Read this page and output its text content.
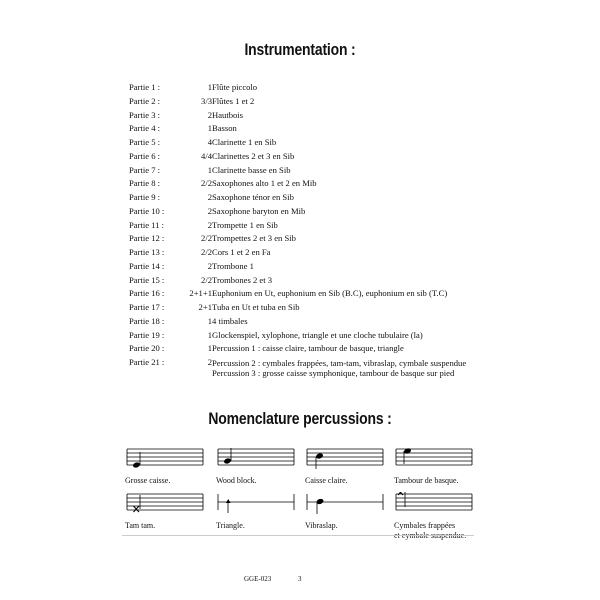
Instrumentation :
Partie 1 :	1 Flûte piccolo
Partie 2 :	3/3 Flûtes 1 et 2
Partie 3 :	2 Hautbois
Partie 4 :	1 Basson
Partie 5 :	4 Clarinette 1 en Sib
Partie 6 :	4/4 Clarinettes 2 et 3 en Sib
Partie 7 :	1 Clarinette basse en Sib
Partie 8 :	2/2 Saxophones alto 1 et 2 en Mib
Partie 9 :	2 Saxophone ténor en Sib
Partie 10 :	2 Saxophone baryton en Mib
Partie 11 :	2 Trompette 1 en Sib
Partie 12 :	2/2 Trompettes 2 et 3 en Sib
Partie 13 :	2/2 Cors 1 et 2 en Fa
Partie 14 :	2 Trombone 1
Partie 15 :	2/2 Trombones 2 et 3
Partie 16 :	2+1+1 Euphonium en Ut, euphonium en Sib (B.C), euphonium en sib (T.C)
Partie 17 :	2+1 Tuba en Ut et tuba en Sib
Partie 18 :	1 4 timbales
Partie 19 :	1 Glockenspiel, xylophone, triangle et une cloche tubulaire (la)
Partie 20 :	1 Percussion 1 : caisse claire, tambour de basque, triangle
Partie 21 :	2 Percussion 2 : cymbales frappées, tam-tam, vibraslap, cymbale suspendue
Percussion 3 : grosse caisse symphonique, tambour de basque sur pied
Nomenclature percussions :
Grosse caisse.	Wood block.	Caisse claire.	Tambour de basque.
Tam tam.	Triangle.	Vibraslap.	Cymbales frappées
et cymbale suspendue.
GGE-023	3
